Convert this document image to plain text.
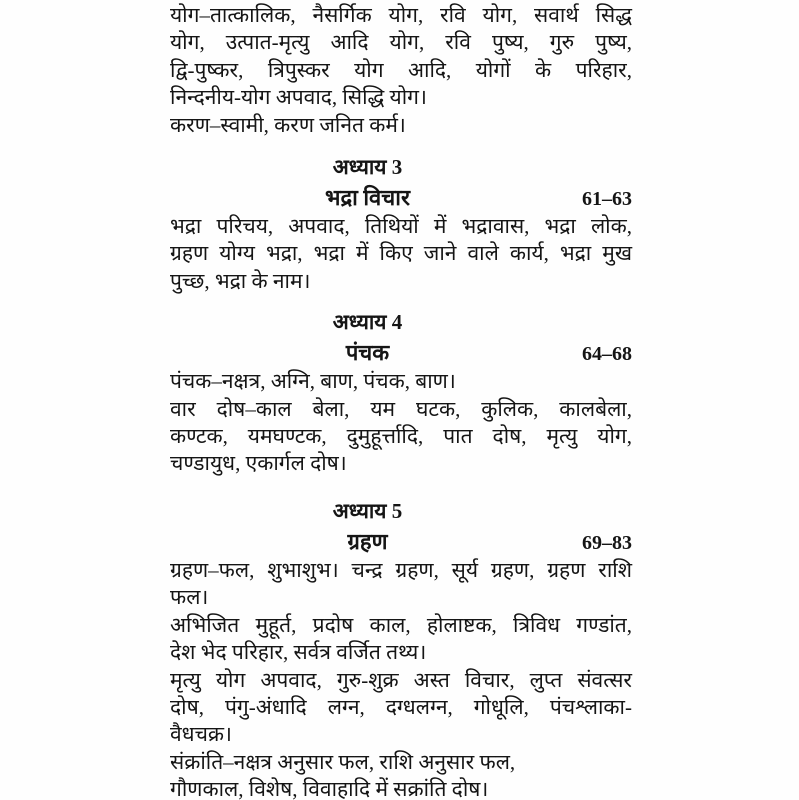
योग–तात्कालिक, नैसर्गिक योग, रवि योग, सवार्थ सिद्ध
योग, उत्पात-मृत्यु आदि योग, रवि पुष्य, गुरु पुष्य,
द्वि-पुष्कर, त्रिपुस्कर योग आदि, योगों के परिहार,
निन्दनीय-योग अपवाद, सिद्धि योग।
करण–स्वामी, करण जनित कर्म।
अध्याय 3
भद्रा विचार	61–63
भद्रा परिचय, अपवाद, तिथियों में भद्रावास, भद्रा लोक,
ग्रहण योग्य भद्रा, भद्रा में किए जाने वाले कार्य, भद्रा मुख
पुच्छ, भद्रा के नाम।
अध्याय 4
पंचक	64–68
पंचक–नक्षत्र, अग्नि, बाण, पंचक, बाण।
वार दोष–काल बेला, यम घटक, कुलिक, कालबेला,
कण्टक, यमघण्टक, दुमुहूर्त्तादि, पात दोष, मृत्यु योग,
चण्डायुध, एकार्गल दोष।
अध्याय 5
ग्रहण	69–83
ग्रहण–फल, शुभाशुभ। चन्द्र ग्रहण, सूर्य ग्रहण, ग्रहण राशि
फल।
अभिजित मुहूर्त, प्रदोष काल, होलाष्टक, त्रिविध गण्डांत,
देश भेद परिहार, सर्वत्र वर्जित तथ्य।
मृत्यु योग अपवाद, गुरु-शुक्र अस्त विचार, लुप्त संवत्सर
दोष, पंगु-अंधादि लग्न, दग्धलग्न, गोधूलि, पंचश्लाका-
वैधचक्र।
संक्रांति–नक्षत्र अनुसार फल, राशि अनुसार फल,
गौणकाल, विशेष, विवाहादि में सक्रांति दोष।
